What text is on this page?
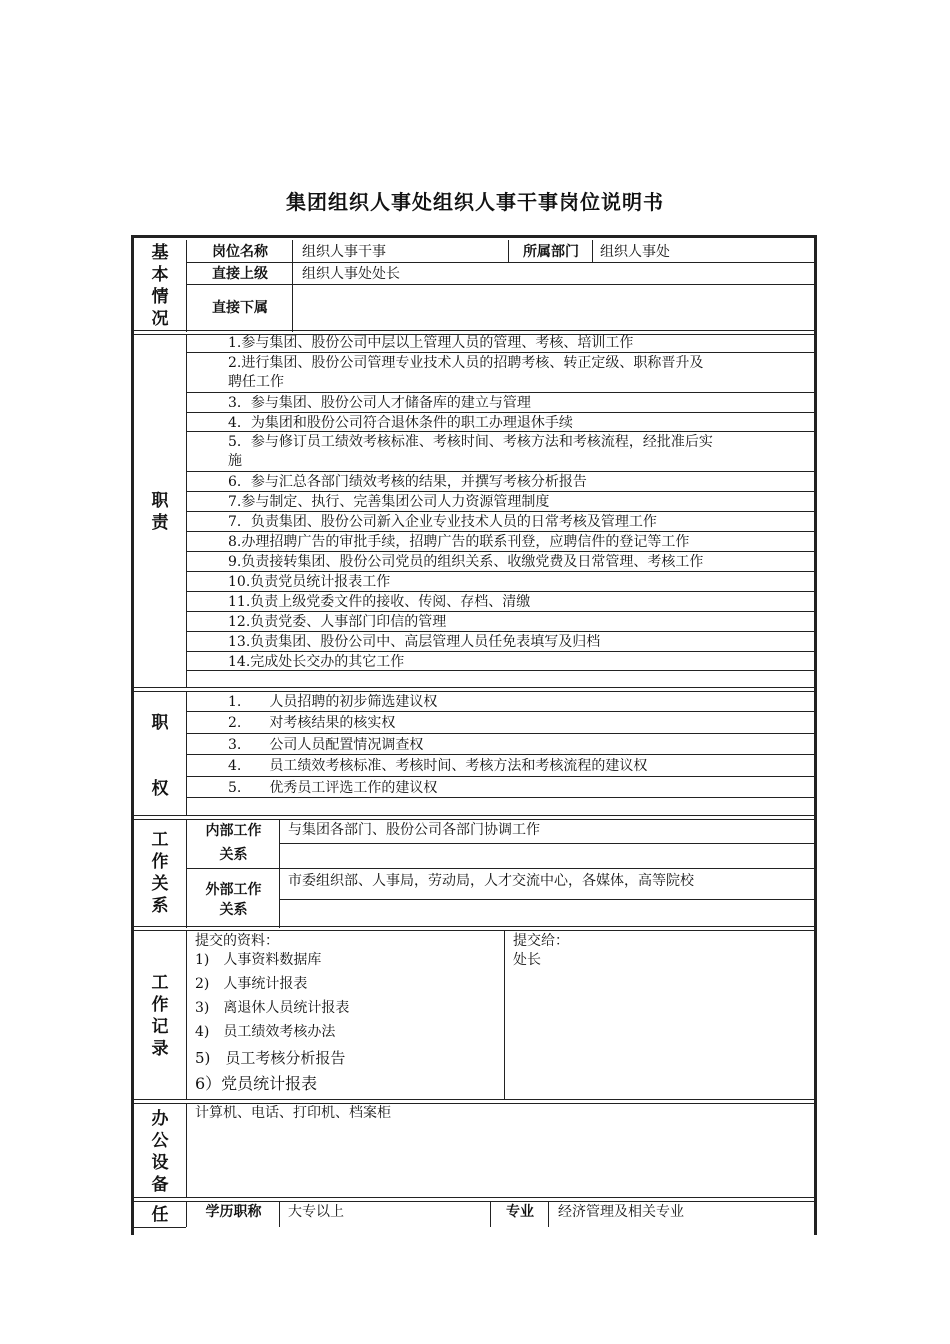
集团组织人事处组织人事干事岗位说明书
基
本
情
况
岗位名称	组织人事干事	所属部门	组织人事处
直接上级	组织人事处处长
直接下属
职
责
1.参与集团、股份公司中层以上管理人员的管理、考核、培训工作
2.进行集团、股份公司管理专业技术人员的招聘考核、转正定级、职称晋升及
聘任工作
3．参与集团、股份公司人才储备库的建立与管理
4．为集团和股份公司符合退休条件的职工办理退休手续
5．参与修订员工绩效考核标准、考核时间、考核方法和考核流程，经批准后实
施
6．参与汇总各部门绩效考核的结果，并撰写考核分析报告
7.参与制定、执行、完善集团公司人力资源管理制度
7．负责集团、股份公司新入企业专业技术人员的日常考核及管理工作
8.办理招聘广告的审批手续，招聘广告的联系刊登，应聘信件的登记等工作
9.负责接转集团、股份公司党员的组织关系、收缴党费及日常管理、考核工作
10.负责党员统计报表工作
11.负责上级党委文件的接收、传阅、存档、清缴
12.负责党委、人事部门印信的管理
13.负责集团、股份公司中、高层管理人员任免表填写及归档
14.完成处长交办的其它工作
职
权
1.　　人员招聘的初步筛选建议权
2.　　对考核结果的核实权
3.　　公司人员配置情况调查权
4.　　员工绩效考核标准、考核时间、考核方法和考核流程的建议权
5.　　优秀员工评选工作的建议权
工
作
关
系
内部工作
关系
与集团各部门、股份公司各部门协调工作
外部工作
关系
市委组织部、人事局，劳动局，人才交流中心，各媒体，高等院校
工
作
记
录
提交的资料：
1)　人事资料数据库
2)　人事统计报表
3)　离退休人员统计报表
4)　员工绩效考核办法
5)　员工考核分析报告
6）党员统计报表
提交给：
处长
办
公
设
备
计算机、电话、打印机、档案柜
任	学历职称	大专以上	专业	经济管理及相关专业
